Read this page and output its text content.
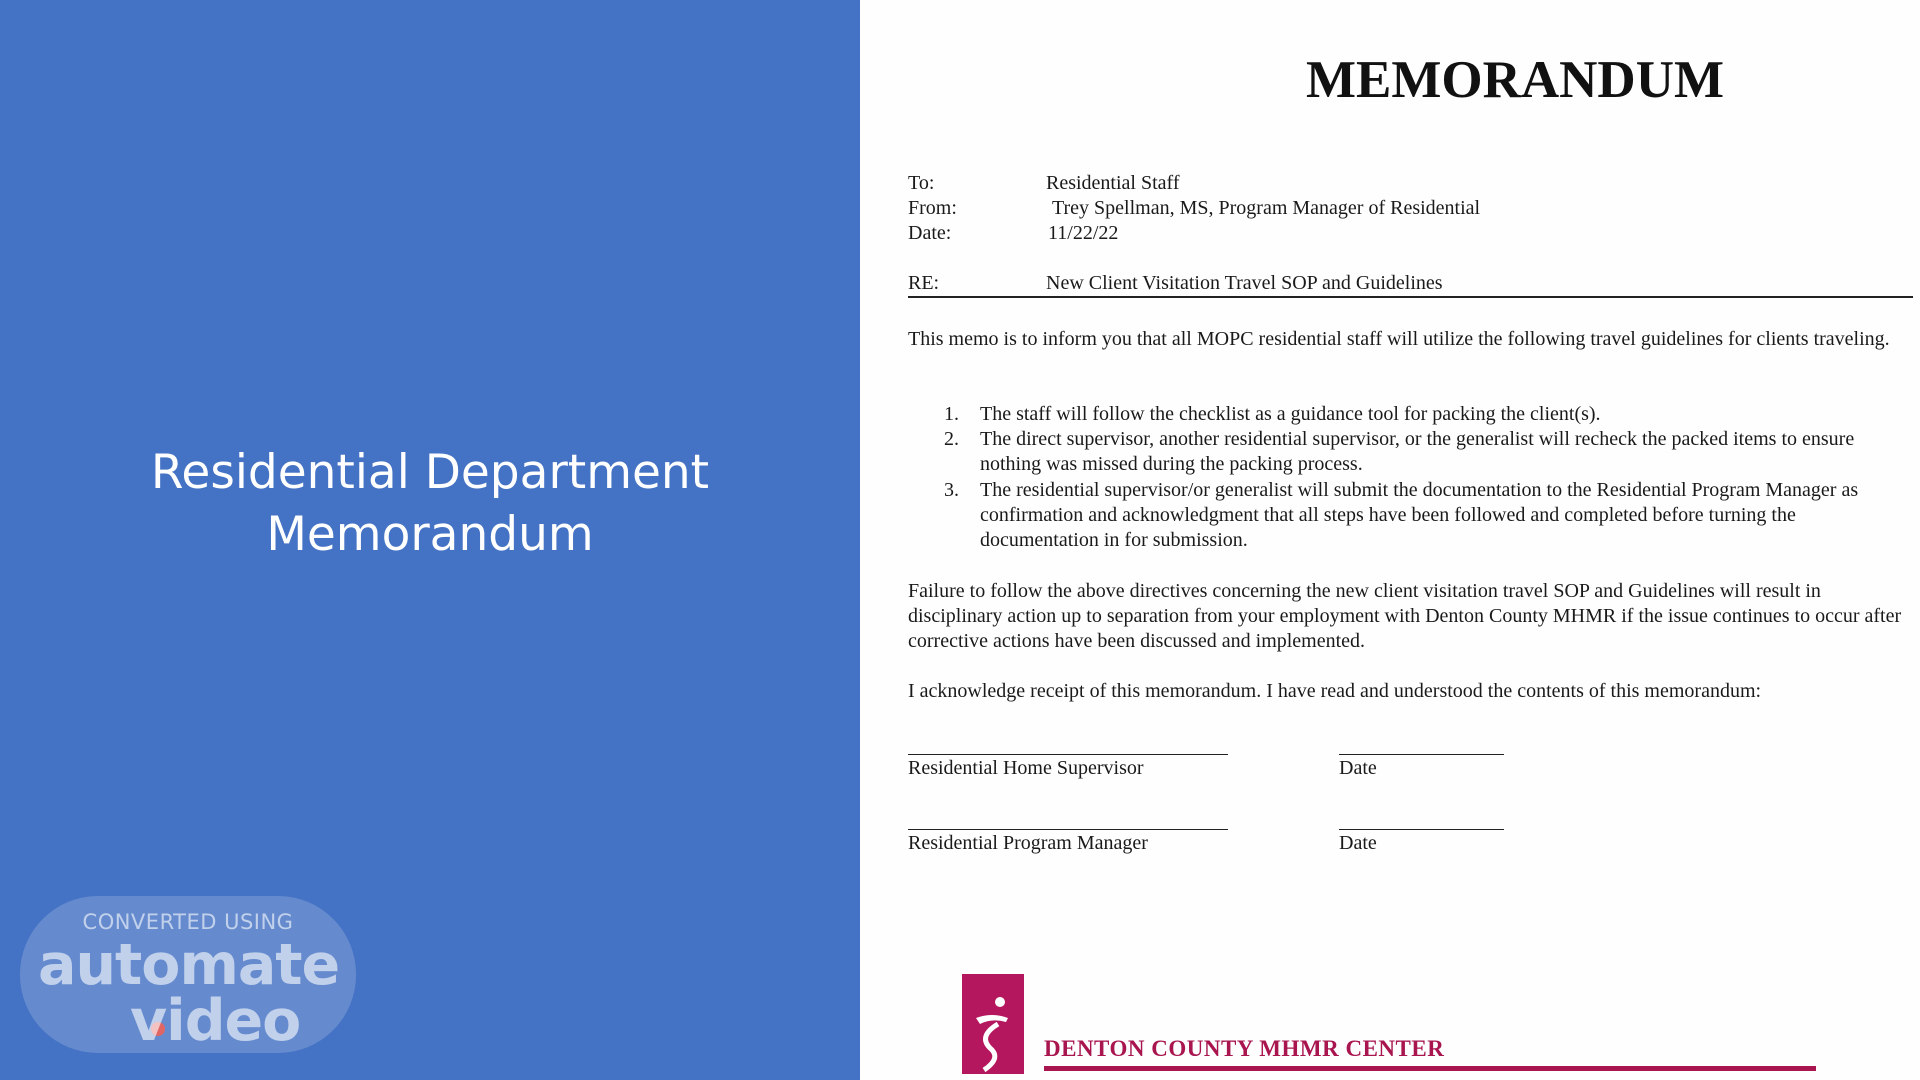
Residential Department
Memorandum
CONVERTED USING
automate
video
MEMORANDUM
To:	Residential Staff
From:	Trey Spellman, MS, Program Manager of Residential
Date:	11/22/22
RE:	New Client Visitation Travel SOP and Guidelines
This memo is to inform you that all MOPC residential staff will utilize the following travel guidelines for clients traveling.
1. The staff will follow the checklist as a guidance tool for packing the client(s).
2. The direct supervisor, another residential supervisor, or the generalist will recheck the packed items to ensure nothing was missed during the packing process.
3. The residential supervisor/or generalist will submit the documentation to the Residential Program Manager as confirmation and acknowledgment that all steps have been followed and completed before turning the documentation in for submission.
Failure to follow the above directives concerning the new client visitation travel SOP and Guidelines will result in disciplinary action up to separation from your employment with Denton County MHMR if the issue continues to occur after corrective actions have been discussed and implemented.
I acknowledge receipt of this memorandum. I have read and understood the contents of this memorandum:
Residential Home Supervisor	Date
Residential Program Manager	Date
DENTON COUNTY MHMR CENTER
